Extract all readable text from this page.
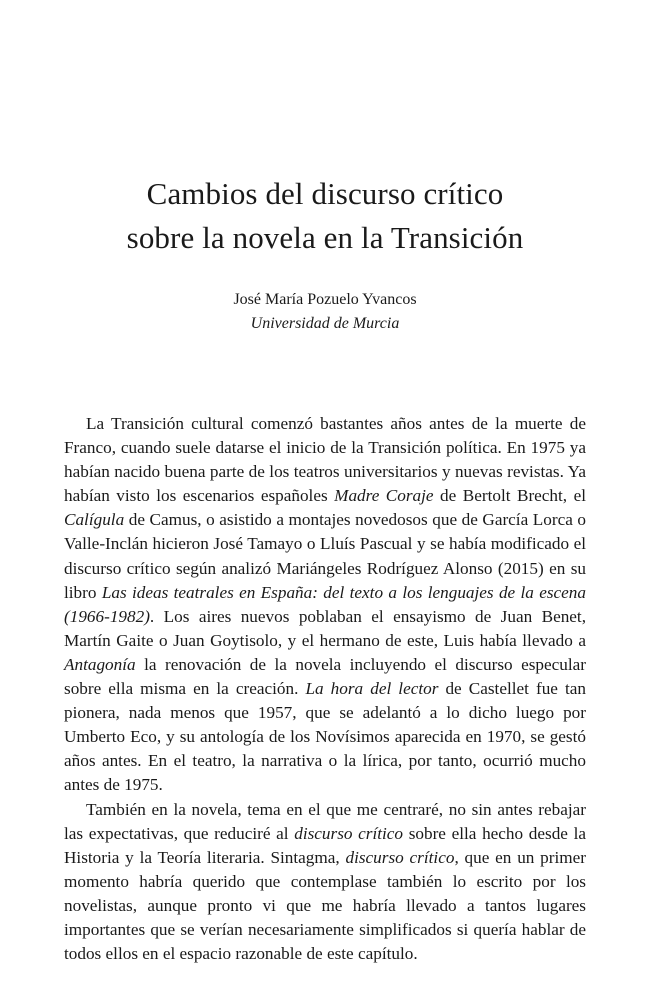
Cambios del discurso crítico
sobre la novela en la Transición
José María Pozuelo Yvancos
Universidad de Murcia

La Transición cultural comenzó bastantes años antes de la muerte de Franco, cuando suele datarse el inicio de la Transición política. En 1975 ya habían nacido buena parte de los teatros universitarios y nuevas revistas. Ya habían visto los escenarios españoles Madre Coraje de Bertolt Brecht, el Calígula de Camus, o asistido a montajes novedosos que de García Lorca o Valle-Inclán hicieron José Tamayo o Lluís Pascual y se había modificado el discurso crítico según analizó Mariángeles Rodríguez Alonso (2015) en su libro Las ideas teatrales en España: del texto a los lenguajes de la escena (1966-1982). Los aires nuevos poblaban el ensayismo de Juan Benet, Martín Gaite o Juan Goytisolo, y el hermano de este, Luis había llevado a Antagonía la renovación de la novela incluyendo el discurso especular sobre ella misma en la creación. La hora del lector de Castellet fue tan pionera, nada menos que 1957, que se adelantó a lo dicho luego por Umberto Eco, y su antología de los Novísimos aparecida en 1970, se gestó años antes. En el teatro, la narrativa o la lírica, por tanto, ocurrió mucho antes de 1975.

También en la novela, tema en el que me centraré, no sin antes rebajar las expectativas, que reduciré al discurso crítico sobre ella hecho desde la Historia y la Teoría literaria. Sintagma, discurso crítico, que en un primer momento habría querido que contemplase también lo escrito por los novelistas, aunque pronto vi que me habría llevado a tantos lugares importantes que se verían necesariamente simplificados si quería hablar de todos ellos en el espacio razonable de este capítulo.
